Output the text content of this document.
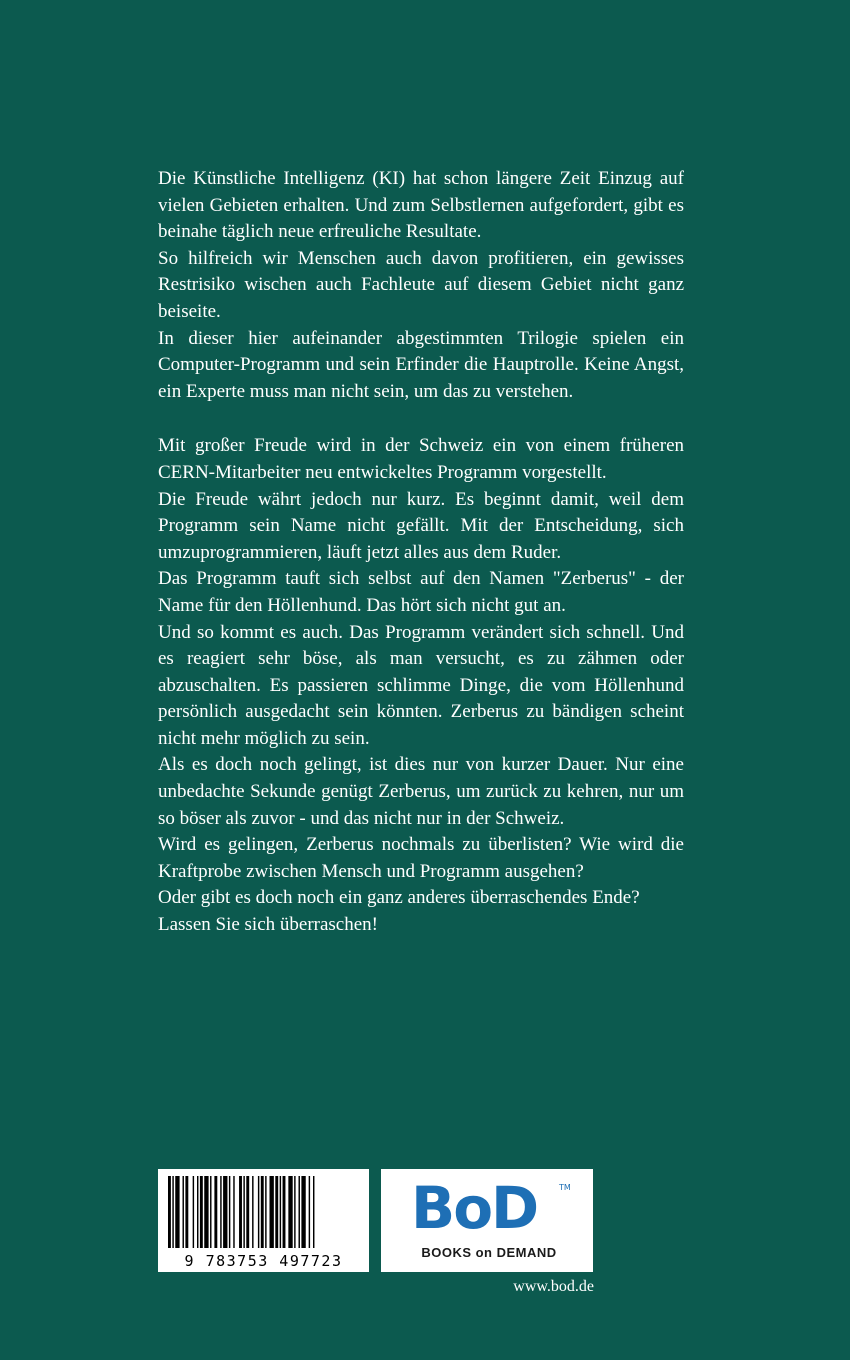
Die Künstliche Intelligenz (KI) hat schon längere Zeit Einzug auf vielen Gebieten erhalten. Und zum Selbstlernen aufgefordert, gibt es beinahe täglich neue erfreuliche Resultate.

So hilfreich wir Menschen auch davon profitieren, ein gewisses Restrisiko wischen auch Fachleute auf diesem Gebiet nicht ganz beiseite.

In dieser hier aufeinander abgestimmten Trilogie spielen ein Computer-Programm und sein Erfinder die Hauptrolle. Keine Angst, ein Experte muss man nicht sein, um das zu verstehen.

Mit großer Freude wird in der Schweiz ein von einem früheren CERN-Mitarbeiter neu entwickeltes Programm vorgestellt.

Die Freude währt jedoch nur kurz. Es beginnt damit, weil dem Programm sein Name nicht gefällt. Mit der Entscheidung, sich umzuprogrammieren, läuft jetzt alles aus dem Ruder.

Das Programm tauft sich selbst auf den Namen "Zerberus" - der Name für den Höllenhund. Das hört sich nicht gut an.

Und so kommt es auch. Das Programm verändert sich schnell. Und es reagiert sehr böse, als man versucht, es zu zähmen oder abzuschalten. Es passieren schlimme Dinge, die vom Höllenhund persönlich ausgedacht sein könnten. Zerberus zu bändigen scheint nicht mehr möglich zu sein.

Als es doch noch gelingt, ist dies nur von kurzer Dauer. Nur eine unbedachte Sekunde genügt Zerberus, um zurück zu kehren, nur um so böser als zuvor - und das nicht nur in der Schweiz.

Wird es gelingen, Zerberus nochmals zu überlisten? Wie wird die Kraftprobe zwischen Mensch und Programm ausgehen?

Oder gibt es doch noch ein ganz anderes überraschendes Ende?

Lassen Sie sich überraschen!

9 783753 497723
BoD	TM
BOOKS on DEMAND
www.bod.de
